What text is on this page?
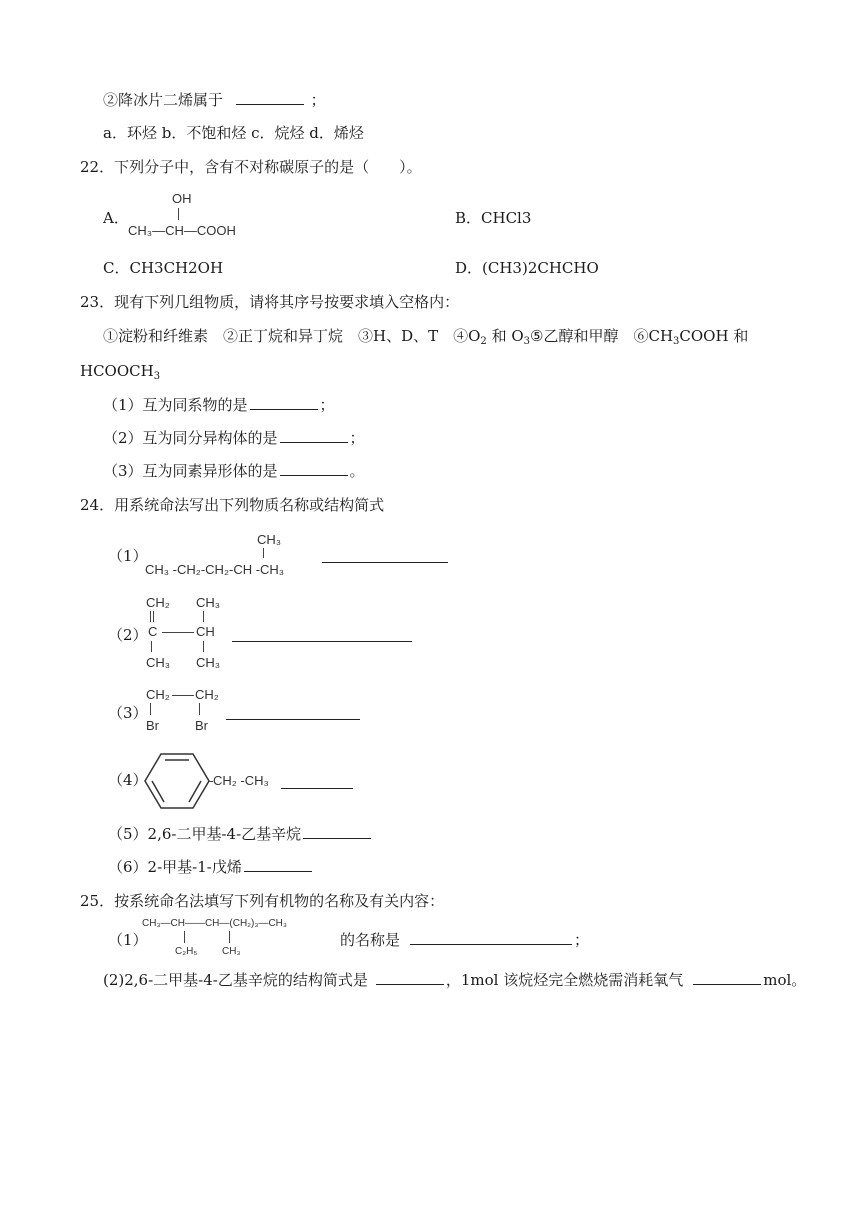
②降冰片二烯属于	；
a．环烃 b．不饱和烃 c．烷烃 d．烯烃
22．下列分子中，含有不对称碳原子的是（　　）。
A．
OH
CH₃—CH—COOH
B．CHCl3
C．CH3CH2OH	D．(CH3)2CHCHO
23．现有下列几组物质，请将其序号按要求填入空格内：
①淀粉和纤维素　②正丁烷和异丁烷　③H、D、T　$④O_2$ 和 $O_3⑤$乙醇和甲醇　$⑥CH_3COOH$ 和
$HCOOCH_3$
（1）互为同系物的是	；
（2）互为同分异构体的是	；
（3）互为同素异形体的是	。
24．用系统命法写出下列物质名称或结构简式
（1）
CH₃
CH₃ -CH₂-CH₂-CH -CH₃
（2）
CH₂ CH₃
C	CH
CH₃ CH₃
（3）
CH₂ CH₂
Br	Br
（4）	CH₂ -CH₃
（5）2,6-二甲基-4-乙基辛烷
（6）2-甲基-1-戊烯
25．按系统命名法填写下列有机物的名称及有关内容：
（1）
CH₃—CH——CH—(CH₂)₃—CH₃
C₂H₅ CH₃
的名称是	；
(2)2,6-二甲基-4-乙基辛烷的结构简式是	，1mol 该烷烃完全燃烧需消耗氧气	mol。
